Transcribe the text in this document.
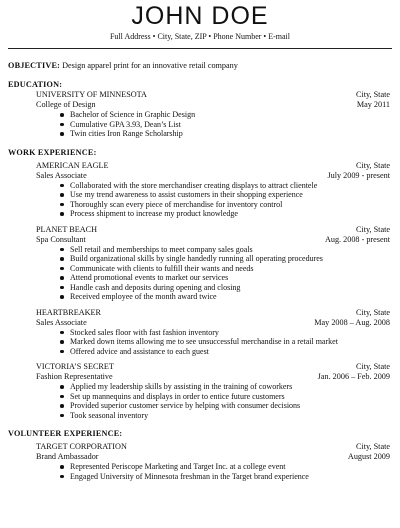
JOHN DOE
Full Address • City, State, ZIP • Phone Number • E-mail
OBJECTIVE: Design apparel print for an innovative retail company
EDUCATION:
UNIVERSITY OF MINNESOTA	City, State
College of Design	May 2011
Bachelor of Science in Graphic Design
Cumulative GPA 3.93, Dean’s List
Twin cities Iron Range Scholarship
WORK EXPERIENCE:
AMERICAN EAGLE	City, State
Sales Associate	July 2009 - present
Collaborated with the store merchandiser creating displays to attract clientele
Use my trend awareness to assist customers in their shopping experience
Thoroughly scan every piece of merchandise for inventory control
Process shipment to increase my product knowledge
PLANET BEACH	City, State
Spa Consultant	Aug. 2008 - present
Sell retail and memberships to meet company sales goals
Build organizational skills by single handedly running all operating procedures
Communicate with clients to fulfill their wants and needs
Attend promotional events to market our services
Handle cash and deposits during opening and closing
Received employee of the month award twice
HEARTBREAKER	City, State
Sales Associate	May 2008 – Aug. 2008
Stocked sales floor with fast fashion inventory
Marked down items allowing me to see unsuccessful merchandise in a retail market
Offered advice and assistance to each guest
VICTORIA’S SECRET	City, State
Fashion Representative	Jan. 2006 – Feb. 2009
Applied my leadership skills by assisting in the training of coworkers
Set up mannequins and displays in order to entice future customers
Provided superior customer service by helping with consumer decisions
Took seasonal inventory
VOLUNTEER EXPERIENCE:
TARGET CORPORATION	City, State
Brand Ambassador	August 2009
Represented Periscope Marketing and Target Inc. at a college event
Engaged University of Minnesota freshman in the Target brand experience
